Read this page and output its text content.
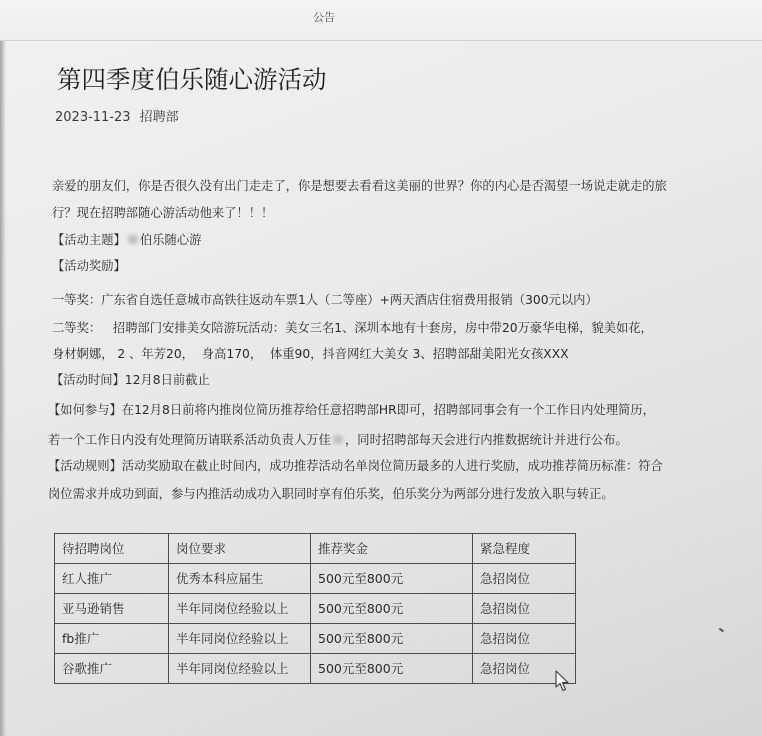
公告
第四季度伯乐随心游活动
2023-11-23 招聘部
亲爱的朋友们，你是否很久没有出门走走了，你是想要去看看这美丽的世界？你的内心是否渴望一场说走就走的旅
行？现在招聘部随心游活动他来了！！！
【活动主题】 伯乐随心游
【活动奖励】
一等奖：广东省自选任意城市高铁往返动车票1人（二等座）+两天酒店住宿费用报销（300元以内）
二等奖：   招聘部门安排美女陪游玩活动：美女三名1、深圳本地有十套房，房中带20万豪华电梯，貌美如花，
身材婀娜， 2 、年芳20，  身高170，  体重90，抖音网红大美女 3、招聘部甜美阳光女孩XXX
【活动时间】12月8日前截止
【如何参与】在12月8日前将内推岗位简历推荐给任意招聘部HR即可，招聘部同事会有一个工作日内处理简历，
若一个工作日内没有处理简历请联系活动负责人万佳 ，同时招聘部每天会进行内推数据统计并进行公布。
【活动规则】活动奖励取在截止时间内，成功推荐活动名单岗位简历最多的人进行奖励，成功推荐简历标准：符合
岗位需求并成功到面，参与内推活动成功入职同时享有伯乐奖，伯乐奖分为两部分进行发放入职与转正。
待招聘岗位	岗位要求	推荐奖金	紧急程度
红人推广	优秀本科应届生	500元至800元	急招岗位
亚马逊销售	半年同岗位经验以上	500元至800元	急招岗位
fb推广	半年同岗位经验以上	500元至800元	急招岗位
谷歌推广	半年同岗位经验以上	500元至800元	急招岗位
